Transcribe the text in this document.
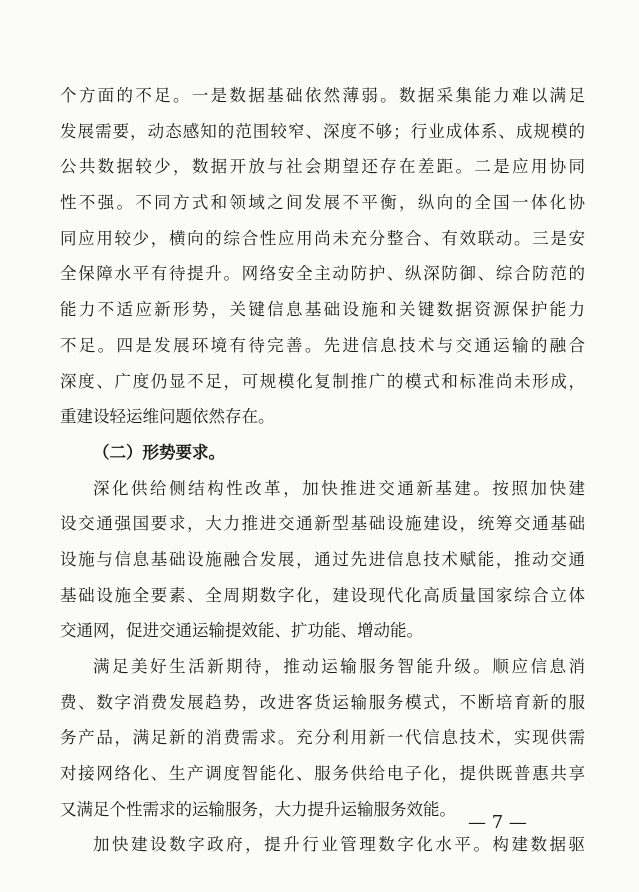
个方面的不足。一是数据基础依然薄弱。数据采集能力难以满足
发展需要，动态感知的范围较窄、深度不够；行业成体系、成规模的
公共数据较少，数据开放与社会期望还存在差距。二是应用协同
性不强。不同方式和领域之间发展不平衡，纵向的全国一体化协
同应用较少，横向的综合性应用尚未充分整合、有效联动。三是安
全保障水平有待提升。网络安全主动防护、纵深防御、综合防范的
能力不适应新形势，关键信息基础设施和关键数据资源保护能力
不足。四是发展环境有待完善。先进信息技术与交通运输的融合
深度、广度仍显不足，可规模化复制推广的模式和标准尚未形成，
重建设轻运维问题依然存在。
（二）形势要求。
深化供给侧结构性改革，加快推进交通新基建。按照加快建
设交通强国要求，大力推进交通新型基础设施建设，统筹交通基础
设施与信息基础设施融合发展，通过先进信息技术赋能，推动交通
基础设施全要素、全周期数字化，建设现代化高质量国家综合立体
交通网，促进交通运输提效能、扩功能、增动能。
满足美好生活新期待，推动运输服务智能升级。顺应信息消
费、数字消费发展趋势，改进客货运输服务模式，不断培育新的服
务产品，满足新的消费需求。充分利用新一代信息技术，实现供需
对接网络化、生产调度智能化、服务供给电子化，提供既普惠共享
又满足个性需求的运输服务，大力提升运输服务效能。
加快建设数字政府，提升行业管理数字化水平。构建数据驱
— 7 —
